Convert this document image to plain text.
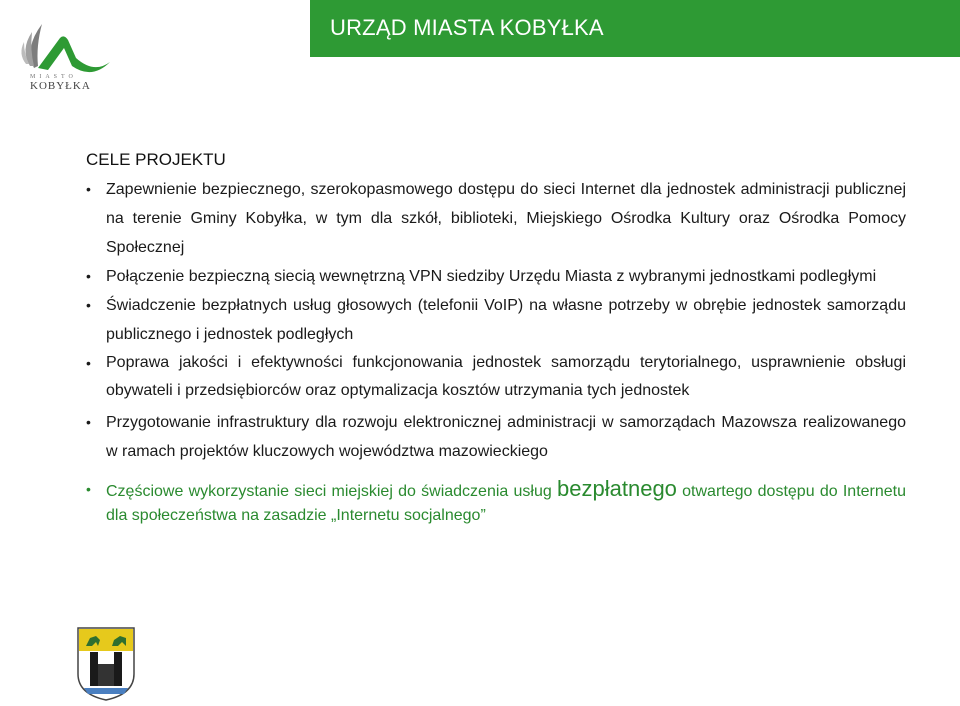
URZĄD MIASTA KOBYŁKA
MIASTO
KOBYŁKA
CELE PROJEKTU

• Zapewnienie bezpiecznego, szerokopasmowego dostępu do sieci Internet dla jednostek administracji publicznej na terenie Gminy Kobyłka, w tym dla szkół, biblioteki, Miejskiego Ośrodka Kultury oraz Ośrodka Pomocy Społecznej

• Połączenie bezpieczną siecią wewnętrzną VPN siedziby Urzędu Miasta z wybranymi jednostkami podległymi

• Świadczenie bezpłatnych usług głosowych (telefonii VoIP) na własne potrzeby w obrębie jednostek samorządu publicznego i jednostek podległych

• Poprawa jakości i efektywności funkcjonowania jednostek samorządu terytorialnego, usprawnienie obsługi obywateli i przedsiębiorców oraz optymalizacja kosztów utrzymania tych jednostek

• Przygotowanie infrastruktury dla rozwoju elektronicznej administracji w samorządach Mazowsza realizowanego w ramach projektów kluczowych województwa mazowieckiego

• Częściowe wykorzystanie sieci miejskiej do świadczenia usług bezpłatnego otwartego dostępu do Internetu dla społeczeństwa na zasadzie „Internetu socjalnego”
